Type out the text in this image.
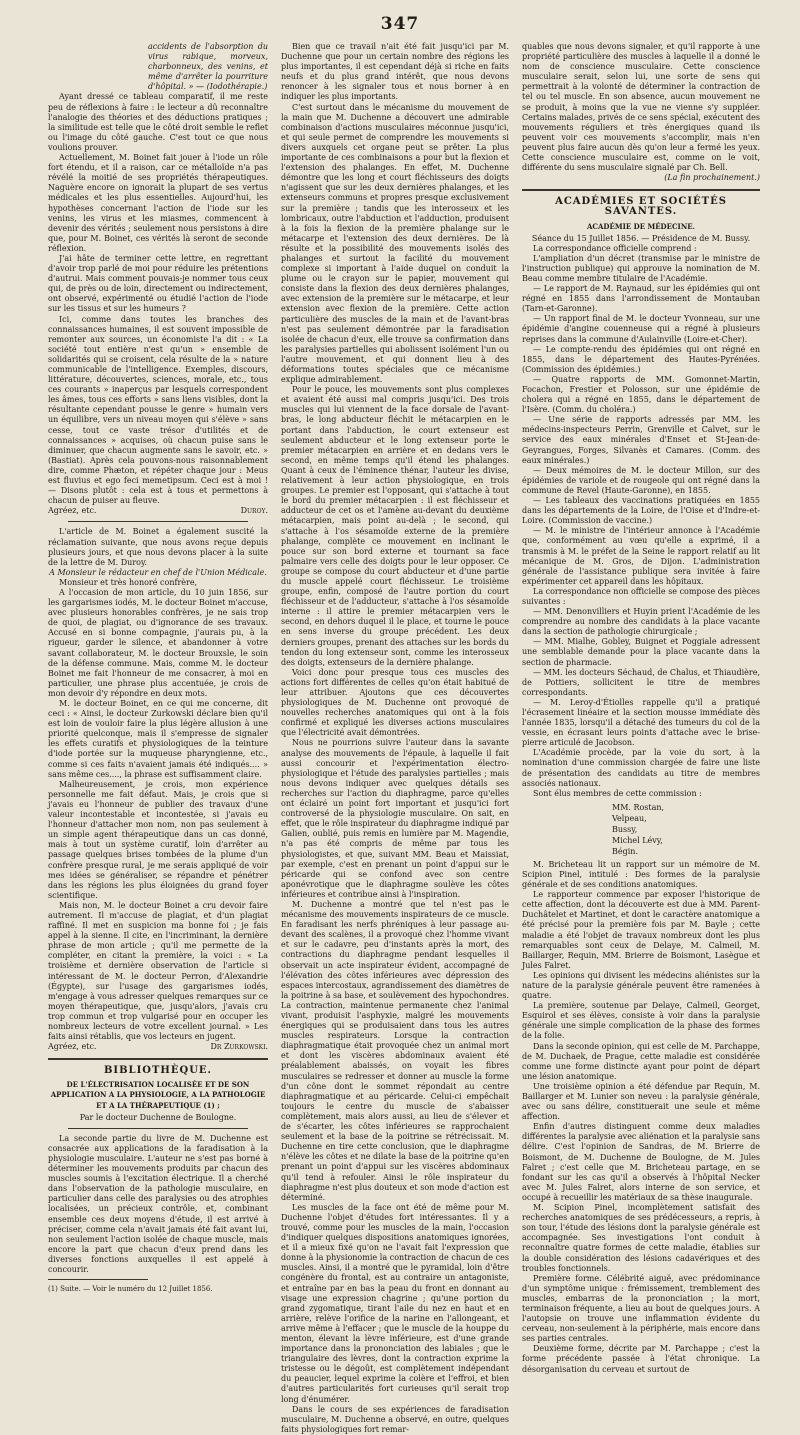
347

accidents de l'absorption du virus rabique, morveux, charbonneux, des venins, et même d'arrêter la pourriture d'hôpital. » — (Iodothérapie.)

Ayant dressé ce tableau comparatif, il me reste peu de réflexions à faire : le lecteur a dû reconnaître l'analogie des théories et des déductions pratiques ; la similitude est telle que le côté droit semble le reflet ou l'image du côté gauche. C'est tout ce que nous voulions prouver.

Actuellement, M. Boinet fait jouer à l'iode un rôle fort étendu, et il a raison, car ce métalloïde n'a pas révélé la moitié de ses propriétés thérapeutiques. Naguère encore on ignorait la plupart de ses vertus médicales et les plus essentielles. Aujourd'hui, les hypothèses concernant l'action de l'iode sur les venins, les virus et les miasmes, commencent à devenir des vérités ; seulement nous persistons à dire que, pour M. Boinet, ces vérités là seront de seconde réflexion.

J'ai hâte de terminer cette lettre, en regrettant d'avoir trop parlé de moi pour réduire les prétentions d'autrui. Mais comment pouvais-je nommer tous ceux qui, de près ou de loin, directement ou indirectement, ont observé, expérimenté ou étudié l'action de l'iode sur les tissus et sur les humeurs ?

Ici, comme dans toutes les branches des connaissances humaines, il est souvent impossible de remonter aux sources, un économiste l'a dit : « La société tout entière n'est qu'un » ensemble de solidarités qui se croisent, cela résulte de la » nature communicable de l'intelligence. Exemples, discours, littérature, découvertes, sciences, morale, etc., tous ces courants » inaperçus par lesquels correspondent les âmes, tous ces efforts » sans liens visibles, dont la résultante cependant pousse le genre » humain vers un équilibre, vers un niveau moyen qui s'élève » sans cesse, tout ce vaste trésor d'utilités et de connaissances » acquises, où chacun puise sans le diminuer, que chacun augmente sans le savoir, etc. » (Bastiat). Après cela pouvons-nous raisonnablement dire, comme Phæton, et répéter chaque jour : Meus est fluvius et ego feci memetipsum. Ceci est à moi ! — Disons plutôt : cela est à tous et permettons à chacun de puiser au fleuve.

Agréez, etc.	Duroy.

L'article de M. Boinet a également suscité la réclamation suivante, que nous avons reçue depuis plusieurs jours, et que nous devons placer à la suite de la lettre de M. Duroy.

A Monsieur le rédacteur en chef de l'Union Médicale.

Monsieur et très honoré confrère,

A l'occasion de mon article, du 10 juin 1856, sur les gargarismes iodés, M. le docteur Boinet m'accuse, avec plusieurs honorables confrères, je ne sais trop de quoi, de plagiat, ou d'ignorance de ses travaux. Accusé en si bonne compagnie, j'aurais pu, à la rigueur, garder le silence, et abandonner à votre savant collaborateur, M. le docteur Brouxsle, le soin de la défense commune. Mais, comme M. le docteur Boinet me fait l'honneur de me consacrer, à moi en particulier, une phrase plus accentuée, je crois de mon devoir d'y répondre en deux mots.

M. le docteur Boinet, en ce qui me concerne, dit ceci : « Ainsi, le docteur Zurkowski déclare bien qu'il est loin de vouloir faire la plus légère allusion à une priorité quelconque, mais il s'empresse de signaler les effets curatifs et physiologiques de la teinture d'iode portée sur la muqueuse pharyngienne, etc., comme si ces faits n'avaient jamais été indiqués.... » sans même ces...., la phrase est suffisamment claire.

Malheureusement, je crois, mon expérience personnelle me fait défaut. Mais, je crois que si j'avais eu l'honneur de publier des travaux d'une valeur incontestable et incontestée, si j'avais eu l'honneur d'attacher mon nom, non pas seulement à un simple agent thérapeutique dans un cas donné, mais à tout un système curatif, loin d'arrêter au passage quelques brises tombées de la plume d'un confrère presque rural, je me serais appliqué de voir mes idées se généraliser, se répandre et pénétrer dans les régions les plus éloignées du grand foyer scientifique.

Mais non, M. le docteur Boinet a cru devoir faire autrement. Il m'accuse de plagiat, et d'un plagiat raffiné. Il met en suspicion ma bonne foi ; je fais appel à la sienne. Il cite, en l'incriminant, la dernière phrase de mon article ; qu'il me permette de la compléter, en citant la première, la voici : « La troisième et dernière observation de l'article si intéressant de M. le docteur Perron, d'Alexandrie (Égypte), sur l'usage des gargarismes iodés, m'engage à vous adresser quelques remarques sur ce moyen thérapeutique, que, jusqu'alors, j'avais cru trop commun et trop vulgarisé pour en occuper les nombreux lecteurs de votre excellent journal. » Les faits ainsi rétablis, que vos lecteurs en jugent.

Agréez, etc.	Dr Zurkowski.
BIBLIOTHÈQUE.
DE L'ÉLECTRISATION LOCALISÉE ET DE SON APPLICATION A LA PHYSIOLOGIE, A LA PATHOLOGIE ET A LA THÉRAPEUTIQUE (1) ;

Par le docteur Duchenne de Boulogne.

La seconde partie du livre de M. Duchenne est consacrée aux applications de la faradisation à la physiologie musculaire. L'auteur ne s'est pas borné à déterminer les mouvements produits par chacun des muscles soumis à l'excitation électrique. Il a cherché dans l'observation de la pathologie musculaire, en particulier dans celle des paralysies ou des atrophies localisées, un précieux contrôle, et, combinant ensemble ces deux moyens d'étude, il est arrivé à préciser, comme cela n'avait jamais été fait avant lui, non seulement l'action isolée de chaque muscle, mais encore la part que chacun d'eux prend dans les diverses fonctions auxquelles il est appelé à concourir.

(1) Suite. — Voir le numéro du 12 Juillet 1856.

Bien que ce travail n'ait été fait jusqu'ici par M. Duchenne que pour un certain nombre des régions les plus importantes, il est cependant déjà si riche en faits neufs et du plus grand intérêt, que nous devons renoncer à les signaler tous et nous borner à en indiquer les plus importants.

C'est surtout dans le mécanisme du mouvement de la main que M. Duchenne a découvert une admirable combinaison d'actions musculaires méconnue jusqu'ici, et qui seule permet de comprendre les mouvements si divers auxquels cet organe peut se prêter. La plus importante de ces combinaisons a pour but la flexion et l'extension des phalanges. En effet, M. Duchenne démontre que les long et court fléchisseurs des doigts n'agissent que sur les deux dernières phalanges, et les extenseurs communs et propres presque exclusivement sur la première ; tandis que les interosseux et les lombricaux, outre l'abduction et l'adduction, produisent à la fois la flexion de la première phalange sur le métacarpe et l'extension des deux dernières. De là résulte et la possibilité des mouvements isolés des phalanges et surtout la facilité du mouvement complexe si important à l'aide duquel on conduit la plume ou le crayon sur le papier, mouvement qui consiste dans la flexion des deux dernières phalanges, avec extension de la première sur le métacarpe, et leur extension avec flexion de la première. Cette action particulière des muscles de la main et de l'avant-bras n'est pas seulement démontrée par la faradisation isolée de chacun d'eux, elle trouve sa confirmation dans les paralysies partielles qui abolissent isolément l'un ou l'autre mouvement, et qui donnent lieu à des déformations toutes spéciales que ce mécanisme explique admirablement.

Pour le pouce, les mouvements sont plus complexes et avaient été aussi mal compris jusqu'ici. Des trois muscles qui lui viennent de la face dorsale de l'avant-bras, le long abducteur fléchit le métacarpien en le portant dans l'abduction, le court extenseur est seulement abducteur et le long extenseur porte le premier métacarpien en arrière et en dedans vers le second, en même temps qu'il étend les phalanges. Quant à ceux de l'éminence thénar, l'auteur les divise, relativement à leur action physiologique, en trois groupes. Le premier est l'opposant, qui s'attache à tout le bord du premier métacarpien : il est fléchisseur et adducteur de cet os et l'amène au-devant du deuxième métacarpien, mais point au-delà ; le second, qui s'attache à l'os sésamoïde externe de la première phalange, complète ce mouvement en inclinant le pouce sur son bord externe et tournant sa face palmaire vers celle des doigts pour le leur opposer. Ce groupe se compose du court abducteur et d'une partie du muscle appelé court fléchisseur. Le troisième groupe, enfin, composé de l'autre portion du court fléchisseur et de l'adducteur, s'attache à l'os sésamoïde interne : il attire le premier métacarpien vers le second, en dehors duquel il le place, et tourne le pouce en sens inverse du groupe précédent. Les deux derniers groupes, prenant des attaches sur les bords du tendon du long extenseur sont, comme les interosseux des doigts, extenseurs de la dernière phalange.

Voici donc pour presque tous ces muscles des actions fort différentes de celles qu'on était habitué de leur attribuer. Ajoutons que ces découvertes physiologiques de M. Duchenne ont provoqué de nouvelles recherches anatomiques qui ont à la fois confirmé et expliqué les diverses actions musculaires que l'électricité avait démontrées.

Nous ne pourrions suivre l'auteur dans la savante analyse des mouvements de l'épaule, à laquelle il fait aussi concourir et l'expérimentation électro-physiologique et l'étude des paralysies partielles ; mais nous devons indiquer avec quelques détails ses recherches sur l'action du diaphragme, parce qu'elles ont éclairé un point fort important et jusqu'ici fort controversé de la physiologie musculaire. On sait, en effet, que le rôle inspirateur du diaphragme indiqué par Galien, oublié, puis remis en lumière par M. Magendie, n'a pas été compris de même par tous les physiologistes, et que, suivant MM. Beau et Maissiat, par exemple, c'est en prenant un point d'appui sur le péricarde qui se confond avec son centre aponévrotique que le diaphragme soulève les côtes inférieures et contribue ainsi à l'inspiration.

M. Duchenne a montré que tel n'est pas le mécanisme des mouvements inspirateurs de ce muscle. En faradisant les nerfs phréniques à leur passage au-devant des scalènes, il a provoqué chez l'homme vivant et sur le cadavre, peu d'instants après la mort, des contractions du diaphragme pendant lesquelles il observait un acte inspirateur évident, accompagné de l'élévation des côtes inférieures avec dépression des espaces intercostaux, agrandissement des diamètres de la poitrine à sa base, et soulèvement des hypochondres. La contraction, maintenue permanente chez l'animal vivant, produisit l'asphyxie, malgré les mouvements énergiques qui se produisaient dans tous les autres muscles respirateurs. Lorsque la contraction diaphragmatique était provoquée chez un animal mort et dont les viscères abdominaux avaient été préalablement abaissés, on voyait les fibres musculaires se redresser et donner au muscle la forme d'un cône dont le sommet répondait au centre diaphragmatique et au péricarde. Celui-ci empêchait toujours le centre du muscle de s'abaisser complètement, mais alors aussi, au lieu de s'élever et de s'écarter, les côtes inférieures se rapprochaient seulement et la base de la poitrine se rétrécissait. M. Duchenne en tire cette conclusion, que le diaphragme n'élève les côtes et ne dilate la base de la poitrine qu'en prenant un point d'appui sur les viscères abdominaux qu'il tend à refouler. Ainsi le rôle inspirateur du diaphragme n'est plus douteux et son mode d'action est déterminé.

Les muscles de la face ont été de même pour M. Duchenne l'objet d'études fort intéressantes. Il y a trouvé, comme pour les muscles de la main, l'occasion d'indiquer quelques dispositions anatomiques ignorées, et il a mieux fixé qu'on ne l'avait fait l'expression que donne à la physionomie la contraction de chacun de ces muscles. Ainsi, il a montré que le pyramidal, loin d'être congénère du frontal, est au contraire un antagoniste, et entraîne par en bas la peau du front en donnant au visage une expression chagrine ; qu'une portion du grand zygomatique, tirant l'aile du nez en haut et en arrière, relève l'orifice de la narine en l'allongeant, et arrive même à l'effacer ; que le muscle de la houppe du menton, élevant la lèvre inférieure, est d'une grande importance dans la prononciation des labiales ; que le triangulaire des lèvres, dont la contraction exprime la tristesse ou le dégoût, est complètement indépendant du peaucier, lequel exprime la colère et l'effroi, et bien d'autres particularités fort curieuses qu'il serait trop long d'énumérer.

Dans le cours de ses expériences de faradisation musculaire, M. Duchenne a observé, en outre, quelques faits physiologiques fort remar-

quables que nous devons signaler, et qu'il rapporte à une propriété particulière des muscles à laquelle il a donné le nom de conscience musculaire. Cette conscience musculaire serait, selon lui, une sorte de sens qui permettrait à la volonté de déterminer la contraction de tel ou tel muscle. En son absence, aucun mouvement ne se produit, à moins que la vue ne vienne s'y suppléer. Certains malades, privés de ce sens spécial, exécutent des mouvements réguliers et très énergiques quand ils peuvent voir ces mouvements s'accomplir, mais n'en peuvent plus faire aucun dès qu'on leur a fermé les yeux. Cette conscience musculaire est, comme on le voit, différente du sens musculaire signalé par Ch. Bell.

(La fin prochainement.)

ACADÉMIES ET SOCIÉTÉS SAVANTES.
ACADÉMIE DE MÉDECINE.

Séance du 15 Juillet 1856. — Présidence de M. Bussy.

La correspondance officielle comprend :

L'ampliation d'un décret (transmise par le ministre de l'instruction publique) qui approuve la nomination de M. Beau comme membre titulaire de l'Académie.

— Le rapport de M. Raynaud, sur les épidémies qui ont régné en 1855 dans l'arrondissement de Montauban (Tarn-et-Garonne).

— Un rapport final de M. le docteur Yvonneau, sur une épidémie d'angine couenneuse qui a régné à plusieurs reprises dans la commune d'Aulainville (Loire-et-Cher).

— Le compte-rendu des épidémies qui ont régné en 1855, dans le département des Hautes-Pyrénées. (Commission des épidémies.)

— Quatre rapports de MM. Gomonnet-Martin, Focachon, Frestier et Polosson, sur une épidémie de cholera qui a régné en 1855, dans le département de l'Isère. (Comm. du choléra.)

— Une série de rapports adressés par MM. les médecins-inspecteurs Perrin, Grenville et Calvet, sur le service des eaux minérales d'Enset et St-Jean-de-Geyrangues, Forges, Silvanès et Camares. (Comm. des eaux minérales.)

— Deux mémoires de M. le docteur Millon, sur des épidémies de variole et de rougeole qui ont régné dans la commune de Revel (Haute-Garonne), en 1855.

— Les tableaux des vaccinations pratiquées en 1855 dans les départements de la Loire, de l'Oise et d'Indre-et-Loire. (Commission de vaccine.)

— M. le ministre de l'intérieur annonce à l'Académie que, conformément au vœu qu'elle a exprimé, il a transmis à M. le préfet de la Seine le rapport relatif au lit mécanique de M. Gros, de Dijon. L'administration générale de l'assistance publique sera invitée à faire expérimenter cet appareil dans les hôpitaux.

La correspondance non officielle se compose des pièces suivantes :

— MM. Denonvilliers et Huyin prient l'Académie de les comprendre au nombre des candidats à la place vacante dans la section de pathologie chirurgicale ;

— MM. Mialhe, Gobley, Buignet et Poggiale adressent une semblable demande pour la place vacante dans la section de pharmacie.

— MM. les docteurs Séchaud, de Chalus, et Thiaudière, de Pottiers, sollicitent le titre de membres correspondants.

— M. Leroy-d'Étiolles rappelle qu'il a pratiqué l'écrasement linéaire et la section mousse immédiate dès l'année 1835, lorsqu'il a détaché des tumeurs du col de la vessie, en écrasant leurs points d'attache avec le brise-pierre articulé de Jacobson.

L'Académie procède, par la voie du sort, à la nomination d'une commission chargée de faire une liste de présentation des candidats au titre de membres associés nationaux.

Sont élus membres de cette commission :

MM. Rostan,
Velpeau,
Bussy,
Michel Lévy,
Bégin.

M. Bricheteau lit un rapport sur un mémoire de M. Scipion Pinel, intitulé : Des formes de la paralysie générale et de ses conditions anatomiques.

Le rapporteur commence par exposer l'historique de cette affection, dont la découverte est due à MM. Parent-Duchâtelet et Martinet, et dont le caractère anatomique a été précisé pour la première fois par M. Bayle ; cette maladie a été l'objet de travaux nombreux dont les plus remarquables sont ceux de Delaye, M. Calmeil, M. Baillarger, Requin, MM. Brierre de Boismont, Lasègue et Jules Falret.

Les opinions qui divisent les médecins aliénistes sur la nature de la paralysie générale peuvent être ramenées à quatre.

La première, soutenue par Delaye, Calmeil, Georget, Esquirol et ses élèves, consiste à voir dans la paralysie générale une simple complication de la phase des formes de la folie.

Dans la seconde opinion, qui est celle de M. Parchappe, de M. Duchaek, de Prague, cette maladie est considérée comme une forme distincte ayant pour point de départ une lésion anatomique.

Une troisième opinion a été défendue par Requin, M. Baillarger et M. Lunier son neveu : la paralysie générale, avec ou sans délire, constituerait une seule et même affection.

Enfin d'autres distinguent comme deux maladies différentes la paralysie avec aliénation et la paralysie sans délire. C'est l'opinion de Sandras, de M. Brierre de Boismont, de M. Duchenne de Boulogne, de M. Jules Falret ; c'est celle que M. Bricheteau partage, en se fondant sur les cas qu'il a observés à l'hôpital Necker avec M. Jules Falret, alors interne de son service, et occupé à recueillir les matériaux de sa thèse inaugurale.

M. Scipion Pinel, incomplètement satisfait des recherches anatomiques de ses prédécesseurs, a repris, à son tour, l'étude des lésions dont la paralysie générale est accompagnée. Ses investigations l'ont conduit à reconnaître quatre formes de cette maladie, établies sur la double considération des lésions cadavériques et des troubles fonctionnels.

Première forme. Célébrité aiguë, avec prédominance d'un symptôme unique : frémissement, tremblement des muscles, embarras de la prononciation ; la mort, terminaison fréquente, a lieu au bout de quelques jours. A l'autopsie on trouve une inflammation évidente du cerveau, non-seulement à la périphérie, mais encore dans ses parties centrales.

Deuxième forme, décrite par M. Parchappe ; c'est la forme précédente passée à l'état chronique. La désorganisation du cerveau et surtout de
